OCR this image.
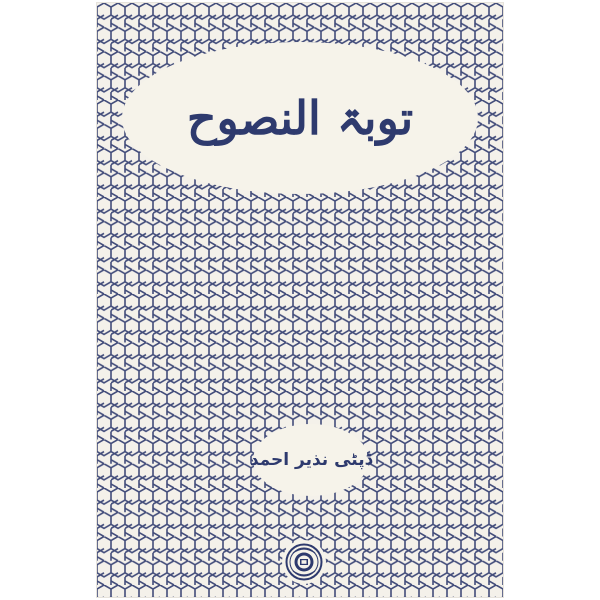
توبۃ النصوح
ڈپٹی نذیر احمد
